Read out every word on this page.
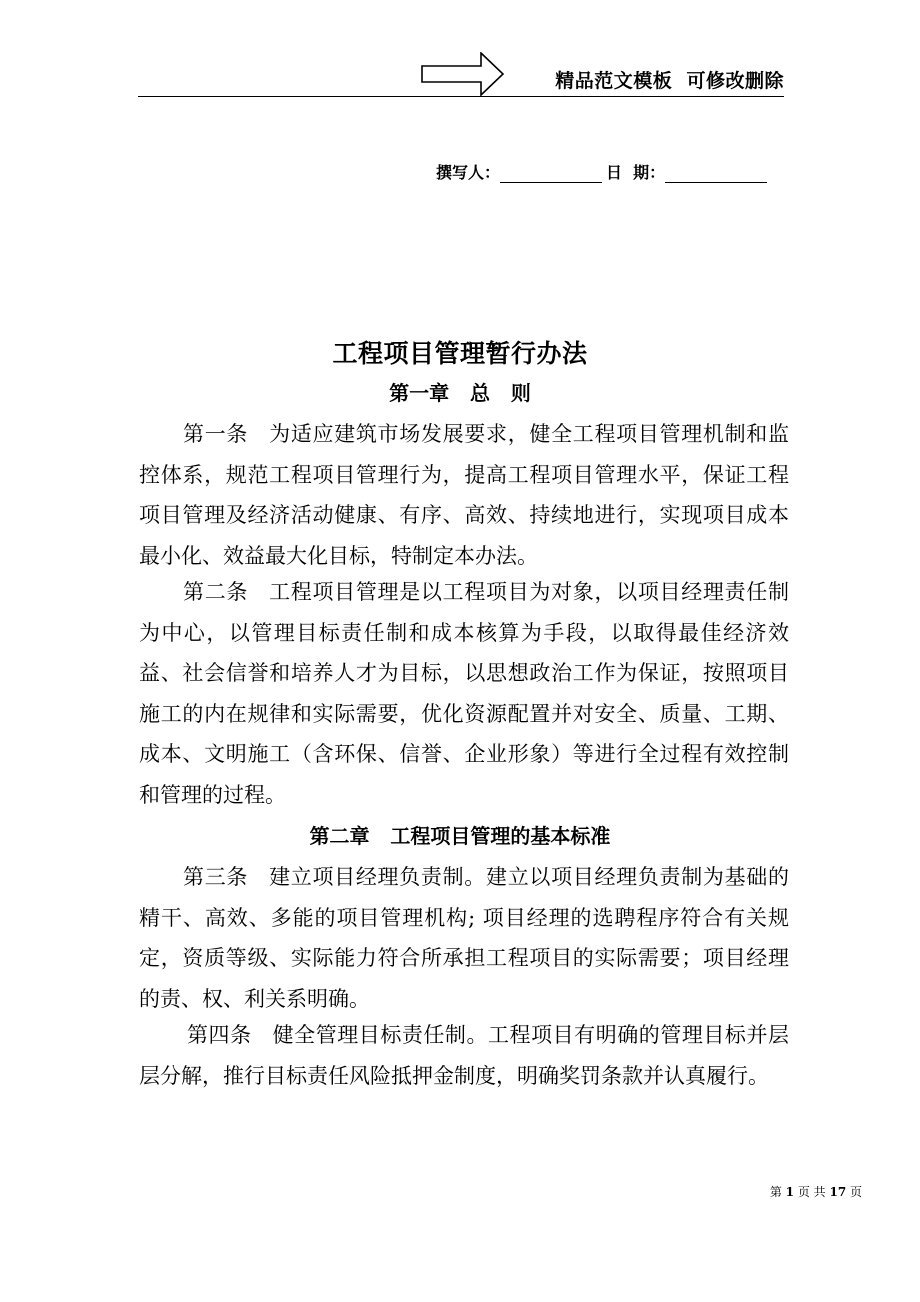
精品范文模板  可修改删除
撰写人：	日  期：
工程项目管理暂行办法
第一章   总   则

第一条 为适应建筑市场发展要求，健全工程项目管理机制和监控体系，规范工程项目管理行为，提高工程项目管理水平，保证工程项目管理及经济活动健康、有序、高效、持续地进行，实现项目成本最小化、效益最大化目标，特制定本办法。

第二条 工程项目管理是以工程项目为对象，以项目经理责任制为中心，以管理目标责任制和成本核算为手段，以取得最佳经济效益、社会信誉和培养人才为目标，以思想政治工作为保证，按照项目施工的内在规律和实际需要，优化资源配置并对安全、质量、工期、成本、文明施工（含环保、信誉、企业形象）等进行全过程有效控制和管理的过程。

第二章   工程项目管理的基本标准

第三条 建立项目经理负责制。建立以项目经理负责制为基础的精干、高效、多能的项目管理机构; 项目经理的选聘程序符合有关规定，资质等级、实际能力符合所承担工程项目的实际需要；项目经理的责、权、利关系明确。

第四条 健全管理目标责任制。工程项目有明确的管理目标并层层分解，推行目标责任风险抵押金制度，明确奖罚条款并认真履行。

第 1 页 共 17 页
